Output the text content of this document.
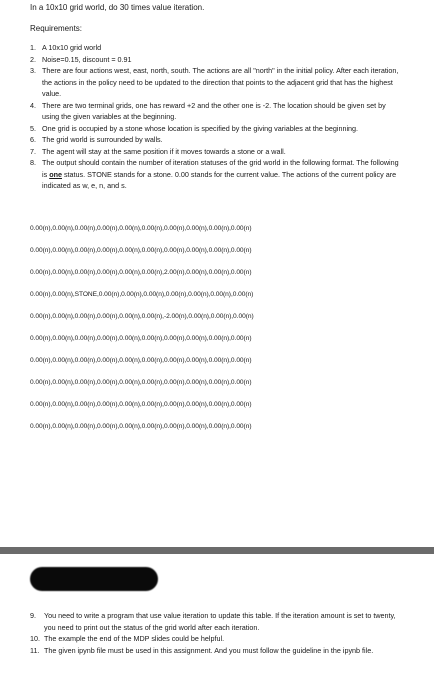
In a 10x10 grid world, do 30 times value iteration.
Requirements:
1. A 10x10 grid world
2. Noise=0.15, discount = 0.91
3. There are four actions west, east, north, south. The actions are all "north" in the initial policy. After each iteration, the actions in the policy need to be updated to the direction that points to the adjacent grid that has the highest value.
4. There are two terminal grids, one has reward +2 and the other one is -2. The location should be given set by using the given variables at the beginning.
5. One grid is occupied by a stone whose location is specified by the giving variables at the beginning.
6. The grid world is surrounded by walls.
7. The agent will stay at the same position if it moves towards a stone or a wall.
8. The output should contain the number of iteration statuses of the grid world in the following format. The following is one status. STONE stands for a stone. 0.00 stands for the current value. The actions of the current policy are indicated as w, e, n, and s.
0.00(n),0.00(n),0.00(n),0.00(n),0.00(n),0.00(n),0.00(n),0.00(n),0.00(n),0.00(n)
0.00(n),0.00(n),0.00(n),0.00(n),0.00(n),0.00(n),0.00(n),0.00(n),0.00(n),0.00(n)
0.00(n),0.00(n),0.00(n),0.00(n),0.00(n),0.00(n),2.00(n),0.00(n),0.00(n),0.00(n)
0.00(n),0.00(n),STONE,0.00(n),0.00(n),0.00(n),0.00(n),0.00(n),0.00(n),0.00(n)
0.00(n),0.00(n),0.00(n),0.00(n),0.00(n),0.00(n),-2.00(n),0.00(n),0.00(n),0.00(n)
0.00(n),0.00(n),0.00(n),0.00(n),0.00(n),0.00(n),0.00(n),0.00(n),0.00(n),0.00(n)
0.00(n),0.00(n),0.00(n),0.00(n),0.00(n),0.00(n),0.00(n),0.00(n),0.00(n),0.00(n)
0.00(n),0.00(n),0.00(n),0.00(n),0.00(n),0.00(n),0.00(n),0.00(n),0.00(n),0.00(n)
0.00(n),0.00(n),0.00(n),0.00(n),0.00(n),0.00(n),0.00(n),0.00(n),0.00(n),0.00(n)
0.00(n),0.00(n),0.00(n),0.00(n),0.00(n),0.00(n),0.00(n),0.00(n),0.00(n),0.00(n)
9. You need to write a program that use value iteration to update this table. If the iteration amount is set to twenty, you need to print out the status of the grid world after each iteration.
10. The example the end of the MDP slides could be helpful.
11. The given ipynb file must be used in this assignment. And you must follow the guideline in the ipynb file.
